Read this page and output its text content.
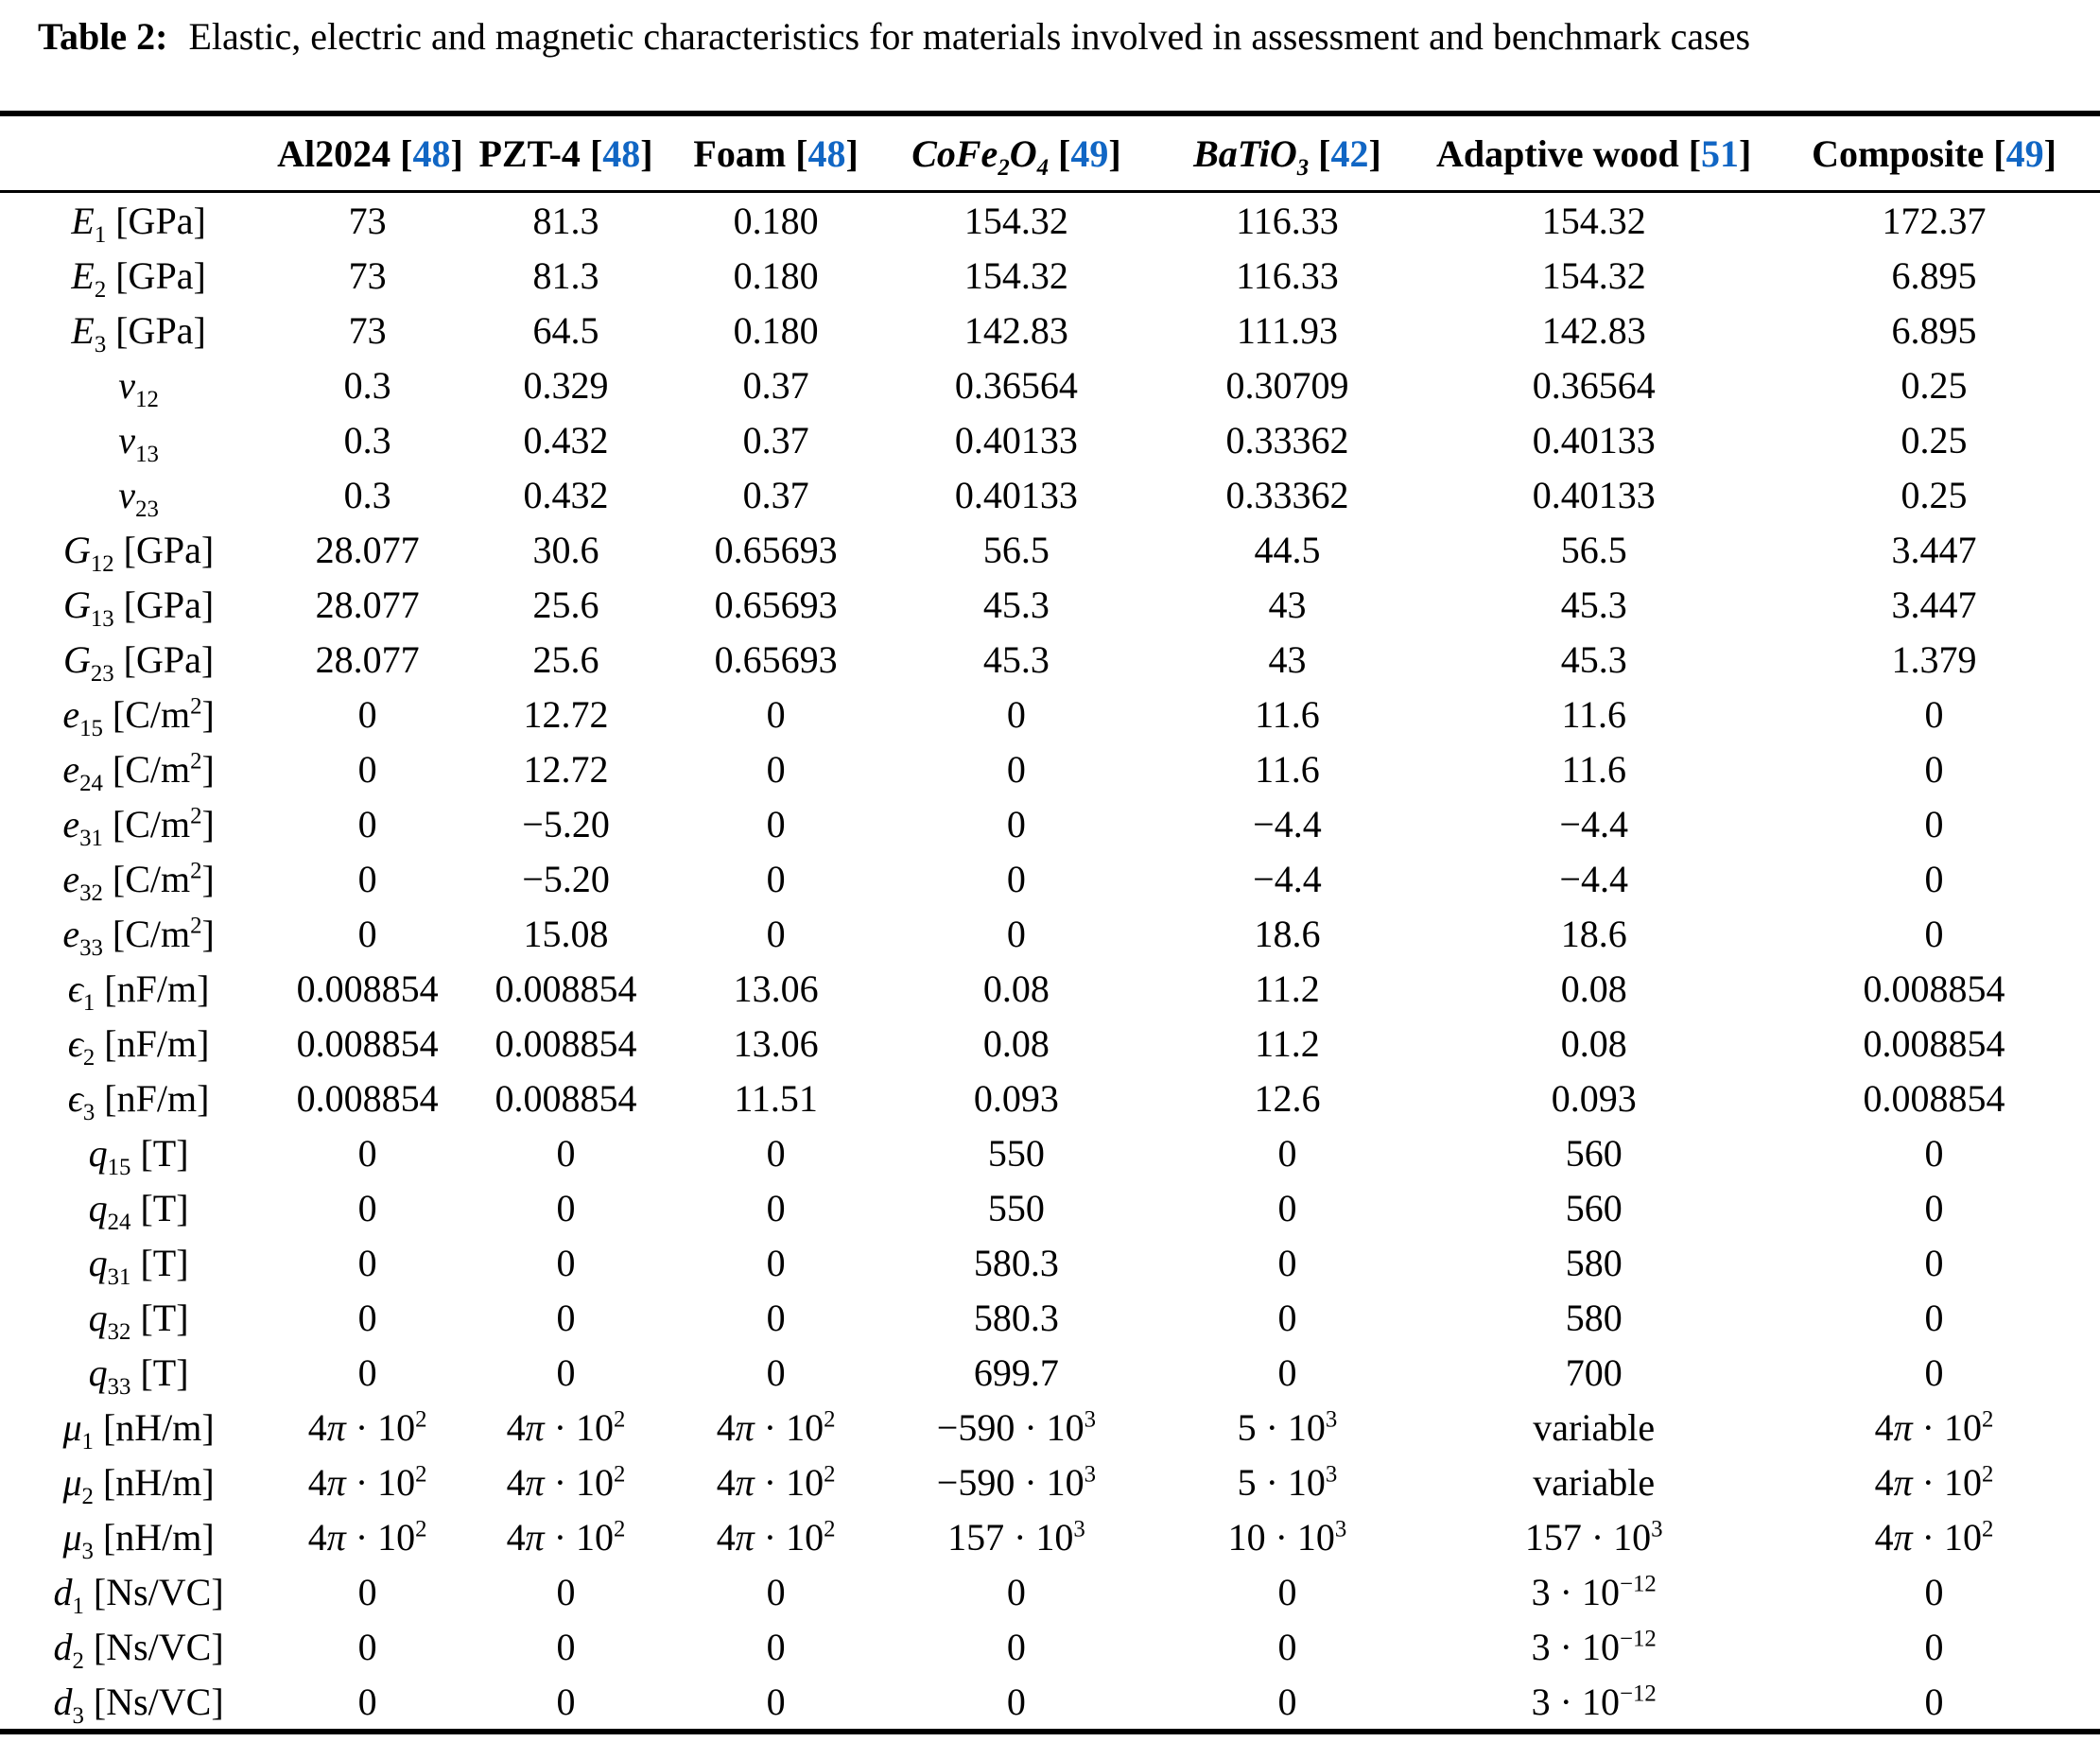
Table 2: Elastic, electric and magnetic characteristics for materials involved in assessment and benchmark cases
	Al2024 [48]	PZT-4 [48]	Foam [48]	$CoFe_2O_4$ [49]	BaTiO$_3$ [42]	Adaptive wood [51]	Composite [49]
$E_1$ [GPa]	73	81.3	0.180	154.32	116.33	154.32	172.37
$E_2$ [GPa]	73	81.3	0.180	154.32	116.33	154.32	6.895
$E_3$ [GPa]	73	64.5	0.180	142.83	111.93	142.83	6.895
$\nu_{12}$	0.3	0.329	0.37	0.36564	0.30709	0.36564	0.25
$\nu_{13}$	0.3	0.432	0.37	0.40133	0.33362	0.40133	0.25
$\nu_{23}$	0.3	0.432	0.37	0.40133	0.33362	0.40133	0.25
$G_{12}$ [GPa]	28.077	30.6	0.65693	56.5	44.5	56.5	3.447
$G_{13}$ [GPa]	28.077	25.6	0.65693	45.3	43	45.3	3.447
$G_{23}$ [GPa]	28.077	25.6	0.65693	45.3	43	45.3	1.379
$e_{15}$ $[C/m^2]$	0	12.72	0	0	11.6	11.6	0
$e_{24}$ $[C/m^2]$	0	12.72	0	0	11.6	11.6	0
$e_{31}$ $[C/m^2]$	0	−5.20	0	0	−4.4	−4.4	0
$e_{32}$ $[C/m^2]$	0	−5.20	0	0	−4.4	−4.4	0
$e_{33}$ $[C/m^2]$	0	15.08	0	0	18.6	18.6	0
$\epsilon_1$ [nF/m]	0.008854	0.008854	13.06	0.08	11.2	0.08	0.008854
$\epsilon_2$ [nF/m]	0.008854	0.008854	13.06	0.08	11.2	0.08	0.008854
$\epsilon_3$ [nF/m]	0.008854	0.008854	11.51	0.093	12.6	0.093	0.008854
$q_{15}$ [T]	0	0	0	550	0	560	0
$q_{24}$ [T]	0	0	0	550	0	560	0
$q_{31}$ [T]	0	0	0	580.3	0	580	0
$q_{32}$ [T]	0	0	0	580.3	0	580	0
$q_{33}$ [T]	0	0	0	699.7	0	700	0
$\mu_1$ [nH/m]	$4\pi \cdot 10^2$	$4\pi \cdot 10^2$	$4\pi \cdot 10^2$	$-590 \cdot 10^3$	$5 \cdot 10^3$	variable	$4\pi \cdot 10^2$
$\mu_2$ [nH/m]	$4\pi \cdot 10^2$	$4\pi \cdot 10^2$	$4\pi \cdot 10^2$	$-590 \cdot 10^3$	$5 \cdot 10^3$	variable	$4\pi \cdot 10^2$
$\mu_3$ [nH/m]	$4\pi \cdot 10^2$	$4\pi \cdot 10^2$	$4\pi \cdot 10^2$	$157 \cdot 10^3$	$10 \cdot 10^3$	$157 \cdot 10^3$	$4\pi \cdot 10^2$
$d_1$ [Ns/VC]	0	0	0	0	0	$3 \cdot 10^{-12}$	0
$d_2$ [Ns/VC]	0	0	0	0	0	$3 \cdot 10^{-12}$	0
$d_3$ [Ns/VC]	0	0	0	0	0	$3 \cdot 10^{-12}$	0
